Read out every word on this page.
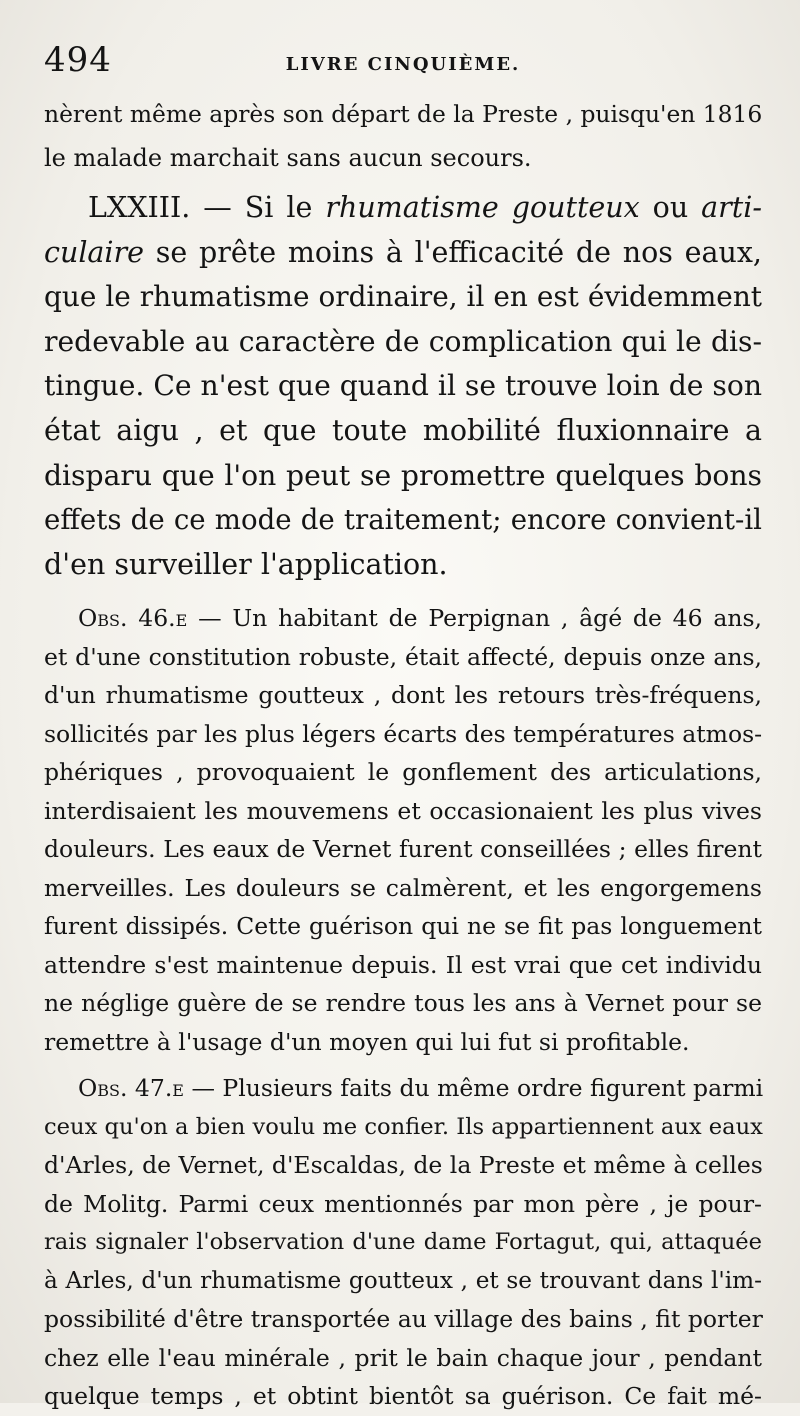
494	LIVRE CINQUIÈME.
nèrent même après son départ de la Preste , puisqu'en 1816
le malade marchait sans aucun secours.
LXXIII. — Si le rhumatisme goutteux ou arti-
culaire se prête moins à l'efficacité de nos eaux,
que le rhumatisme ordinaire, il en est évidemment
redevable au caractère de complication qui le dis-
tingue. Ce n'est que quand il se trouve loin de son
état aigu , et que toute mobilité fluxionnaire a
disparu que l'on peut se promettre quelques bons
effets de ce mode de traitement; encore convient-il
d'en surveiller l'application.
Obs. 46.e — Un habitant de Perpignan , âgé de 46 ans,
et d'une constitution robuste, était affecté, depuis onze ans,
d'un rhumatisme goutteux , dont les retours très-fréquens,
sollicités par les plus légers écarts des températures atmos-
phériques , provoquaient le gonflement des articulations,
interdisaient les mouvemens et occasionaient les plus vives
douleurs. Les eaux de Vernet furent conseillées ; elles firent
merveilles. Les douleurs se calmèrent, et les engorgemens
furent dissipés. Cette guérison qui ne se fit pas longuement
attendre s'est maintenue depuis. Il est vrai que cet individu
ne néglige guère de se rendre tous les ans à Vernet pour se
remettre à l'usage d'un moyen qui lui fut si profitable.
Obs. 47.e — Plusieurs faits du même ordre figurent parmi
ceux qu'on a bien voulu me confier. Ils appartiennent aux eaux
d'Arles, de Vernet, d'Escaldas, de la Preste et même à celles
de Molitg. Parmi ceux mentionnés par mon père , je pour-
rais signaler l'observation d'une dame Fortagut, qui, attaquée
à Arles, d'un rhumatisme goutteux , et se trouvant dans l'im-
possibilité d'être transportée au village des bains , fit porter
chez elle l'eau minérale , prit le bain chaque jour , pendant
quelque temps , et obtint bientôt sa guérison. Ce fait mé-
